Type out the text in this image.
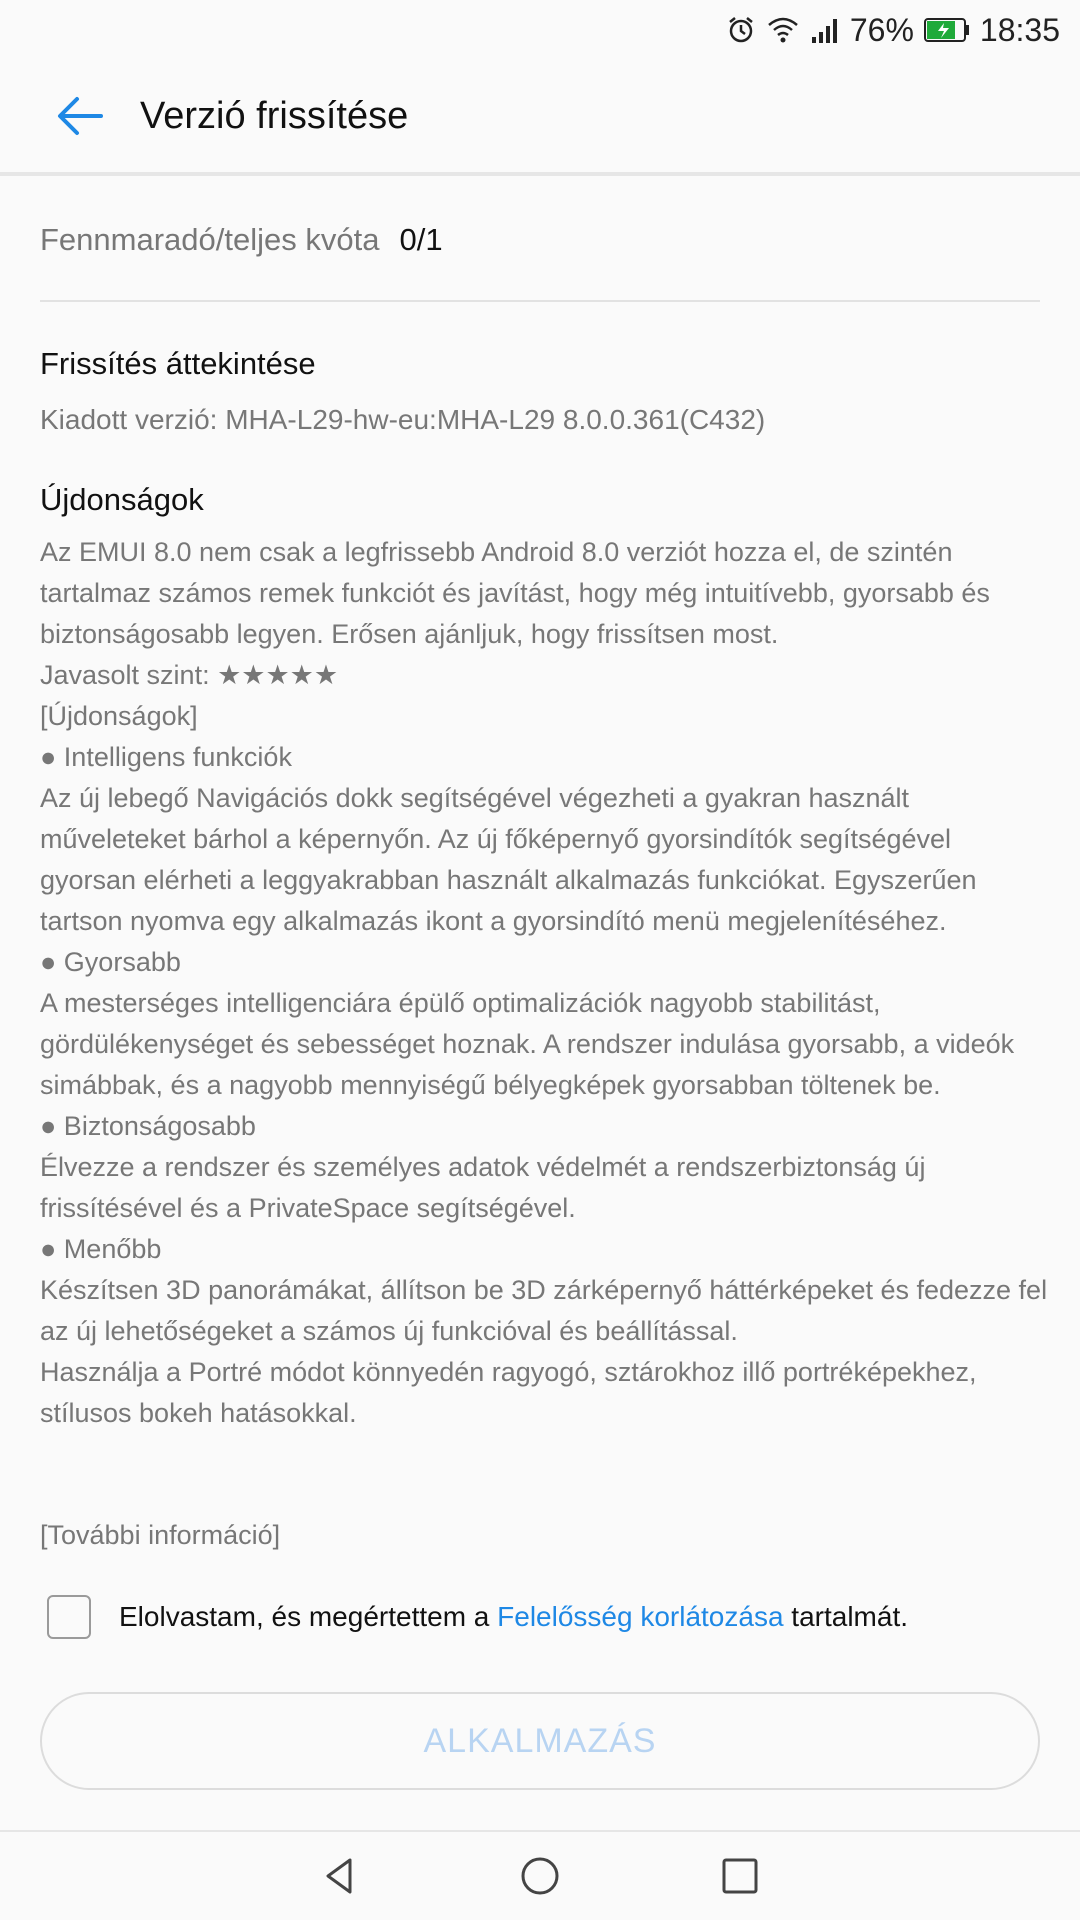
76% 18:35
Verzió frissítése
Fennmaradó/teljes kvóta 0/1
Frissítés áttekintése
Kiadott verzió: MHA-L29-hw-eu:MHA-L29 8.0.0.361(C432)
Újdonságok
Az EMUI 8.0 nem csak a legfrissebb Android 8.0 verziót hozza el, de szintén
tartalmaz számos remek funkciót és javítást, hogy még intuitívebb, gyorsabb és
biztonságosabb legyen. Erősen ajánljuk, hogy frissítsen most.
Javasolt szint: ★★★★★
[Újdonságok]
● Intelligens funkciók
Az új lebegő Navigációs dokk segítségével végezheti a gyakran használt
műveleteket bárhol a képernyőn. Az új főképernyő gyorsindítók segítségével
gyorsan elérheti a leggyakrabban használt alkalmazás funkciókat. Egyszerűen
tartson nyomva egy alkalmazás ikont a gyorsindító menü megjelenítéséhez.
● Gyorsabb
A mesterséges intelligenciára épülő optimalizációk nagyobb stabilitást,
gördülékenységet és sebességet hoznak. A rendszer indulása gyorsabb, a videók
simábbak, és a nagyobb mennyiségű bélyegképek gyorsabban töltenek be.
● Biztonságosabb
Élvezze a rendszer és személyes adatok védelmét a rendszerbiztonság új
frissítésével és a PrivateSpace segítségével.
● Menőbb
Készítsen 3D panorámákat, állítson be 3D zárképernyő háttérképeket és fedezze fel
az új lehetőségeket a számos új funkcióval és beállítással.
Használja a Portré módot könnyedén ragyogó, sztárokhoz illő portréképekhez,
stílusos bokeh hatásokkal.
[További információ]
Elolvastam, és megértettem a Felelősség korlátozása tartalmát.
ALKALMAZÁS
